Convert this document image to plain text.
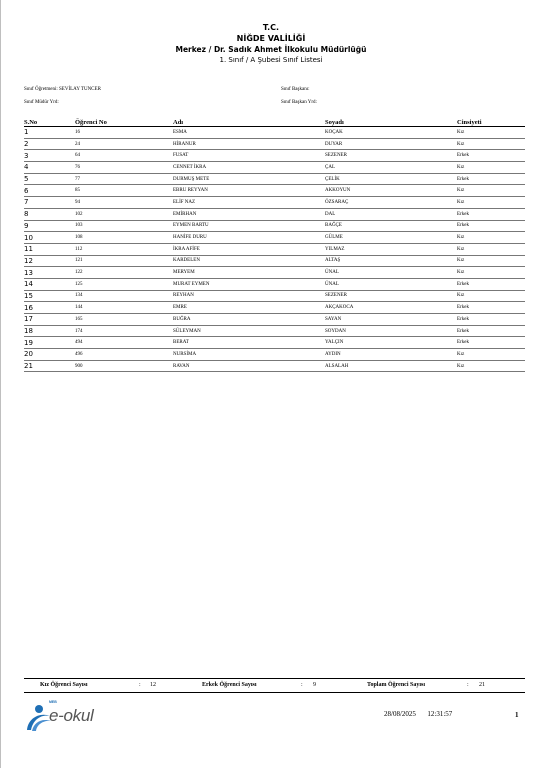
T.C.
NİĞDE VALİLİĞİ
Merkez / Dr. Sadık Ahmet İlkokulu Müdürlüğü
1. Sınıf / A Şubesi Sınıf Listesi
Sınıf Öğretmeni: SEVİLAY TUNCER
Sınıf Müdür Yrd:
Sınıf Başkanı:
Sınıf Başkan Yrd:
S.No	Öğrenci No	Adı	Soyadı	Cinsiyeti
1	16	ESMA	KOÇAK	Kız
2	24	HİRANUR	DUYAR	Kız
3	64	FUSAT	SEZENER	Erkek
4	76	CENNET İKRA	ÇAL	Kız
5	77	DURMUŞ METE	ÇELİK	Erkek
6	85	EBRU REYYAN	AKKOYUN	Kız
7	94	ELİF NAZ	ÖZSARAÇ	Kız
8	102	EMİRHAN	DAL	Erkek
9	103	EYMEN BARTU	BAĞÇE	Erkek
10	108	HANİFE DURU	GÜLME	Kız
11	112	İKRA AFİFE	YILMAZ	Kız
12	121	KARDELEN	ALTAŞ	Kız
13	122	MERYEM	ÜNAL	Kız
14	125	MURAT EYMEN	ÜNAL	Erkek
15	134	REYHAN	SEZENER	Kız
16	144	EMRE	AKÇAKOCA	Erkek
17	165	BUĞRA	SAYAN	Erkek
18	174	SÜLEYMAN	SOYDAN	Erkek
19	494	BERAT	YALÇIN	Erkek
20	496	NURSİMA	AYDIN	Kız
21	900	RAVAN	ALSALAH	Kız
Kız Öğrenci Sayısı	:	12	Erkek Öğrenci Sayısı	:	9	Toplam Öğrenci Sayısı	:	21
MEB
e-okul	28/08/2025 12:31:57	1
